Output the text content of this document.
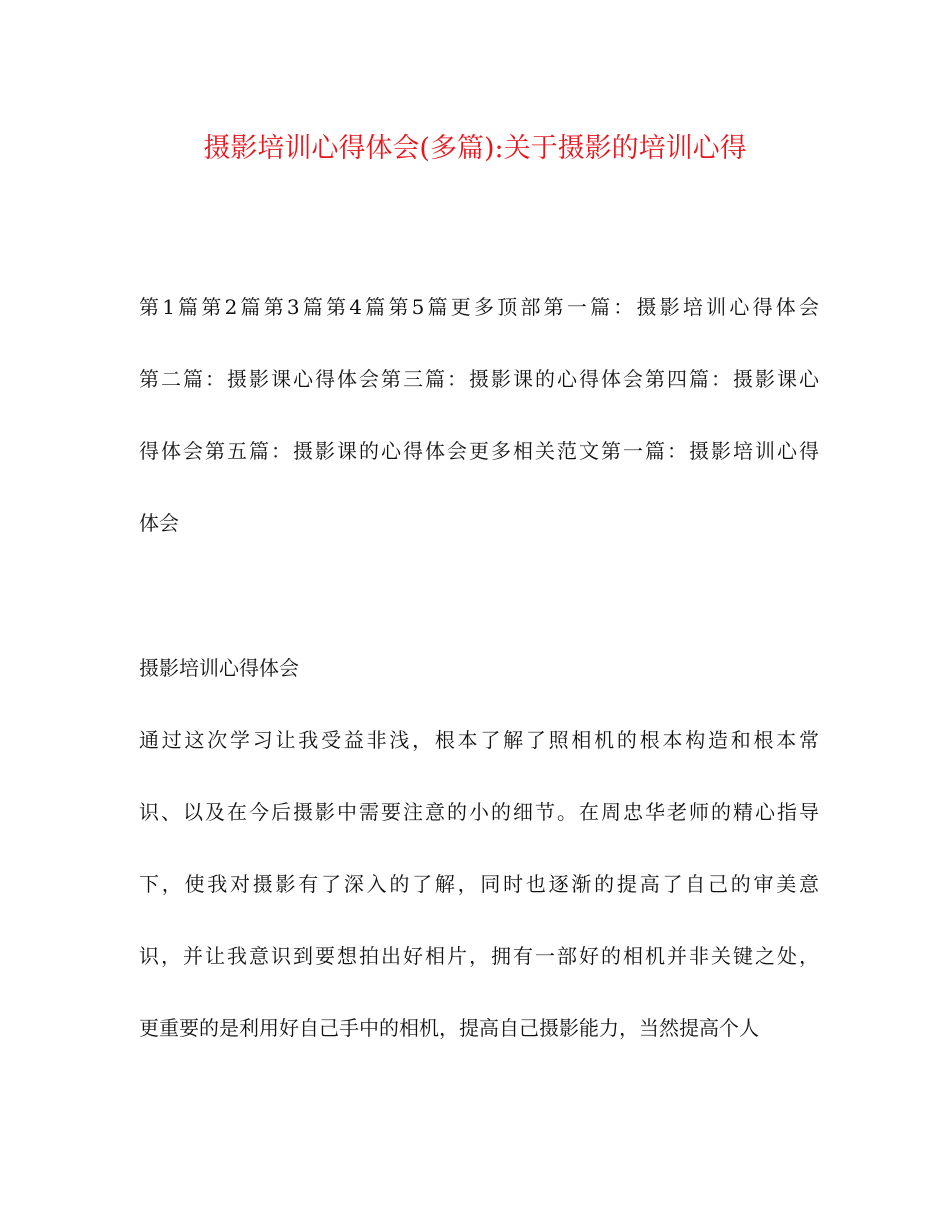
摄影培训心得体会(多篇):关于摄影的培训心得

第1篇第2篇第3篇第4篇第5篇更多顶部第一篇：摄影培训心得体会
第二篇：摄影课心得体会第三篇：摄影课的心得体会第四篇：摄影课心
得体会第五篇：摄影课的心得体会更多相关范文第一篇：摄影培训心得
体会

摄影培训心得体会

通过这次学习让我受益非浅，根本了解了照相机的根本构造和根本常
识、以及在今后摄影中需要注意的小的细节。在周忠华老师的精心指导
下，使我对摄影有了深入的了解，同时也逐渐的提高了自己的审美意
识，并让我意识到要想拍出好相片，拥有一部好的相机并非关键之处，
更重要的是利用好自己手中的相机，提高自己摄影能力，当然提高个人
